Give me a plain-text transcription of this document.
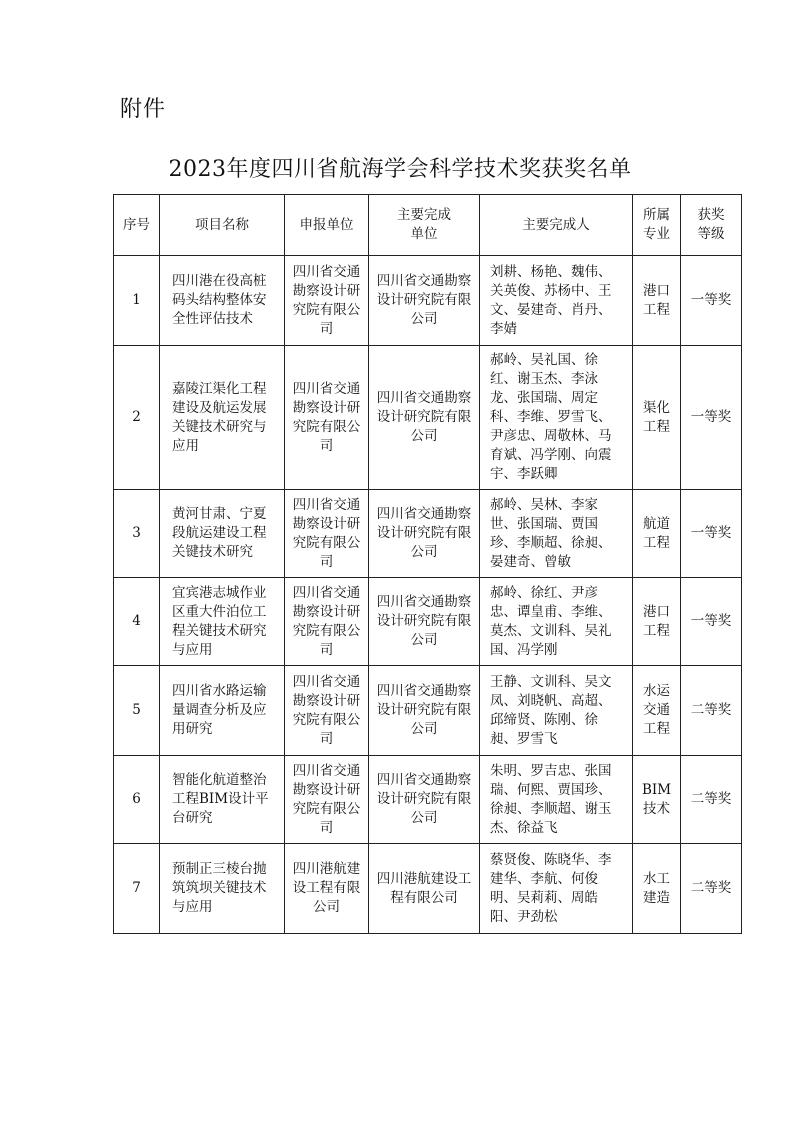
附件
2023年度四川省航海学会科学技术奖获奖名单
序号	项目名称	申报单位	主要完成单位	主要完成人	所属专业	获奖等级
1	四川港在役高桩码头结构整体安全性评估技术	四川省交通勘察设计研究院有限公司	四川省交通勘察设计研究院有限公司	刘耕、杨艳、魏伟、关英俊、苏杨中、王文、晏建奇、肖丹、李婧	港口工程	一等奖
2	嘉陵江渠化工程建设及航运发展关键技术研究与应用	四川省交通勘察设计研究院有限公司	四川省交通勘察设计研究院有限公司	郝岭、吴礼国、徐红、谢玉杰、李泳龙、张国瑞、周定科、李维、罗雪飞、尹彦忠、周敬林、马育斌、冯学刚、向震宇、李跃卿	渠化工程	一等奖
3	黄河甘肃、宁夏段航运建设工程关键技术研究	四川省交通勘察设计研究院有限公司	四川省交通勘察设计研究院有限公司	郝岭、吴林、李家世、张国瑞、贾国珍、李顺超、徐昶、晏建奇、曾敏	航道工程	一等奖
4	宜宾港志城作业区重大件泊位工程关键技术研究与应用	四川省交通勘察设计研究院有限公司	四川省交通勘察设计研究院有限公司	郝岭、徐红、尹彦忠、谭皇甫、李维、莫杰、文训科、吴礼国、冯学刚	港口工程	一等奖
5	四川省水路运输量调查分析及应用研究	四川省交通勘察设计研究院有限公司	四川省交通勘察设计研究院有限公司	王静、文训科、吴文凤、刘晓帆、高超、邱缔贤、陈刚、徐昶、罗雪飞	水运交通工程	二等奖
6	智能化航道整治工程BIM设计平台研究	四川省交通勘察设计研究院有限公司	四川省交通勘察设计研究院有限公司	朱明、罗吉忠、张国瑞、何熙、贾国珍、徐昶、李顺超、谢玉杰、徐益飞	BIM技术	二等奖
7	预制正三棱台抛筑筑坝关键技术与应用	四川港航建设工程有限公司	四川港航建设工程有限公司	蔡贤俊、陈晓华、李建华、李航、何俊明、吴莉莉、周皓阳、尹劲松	水工建造	二等奖
